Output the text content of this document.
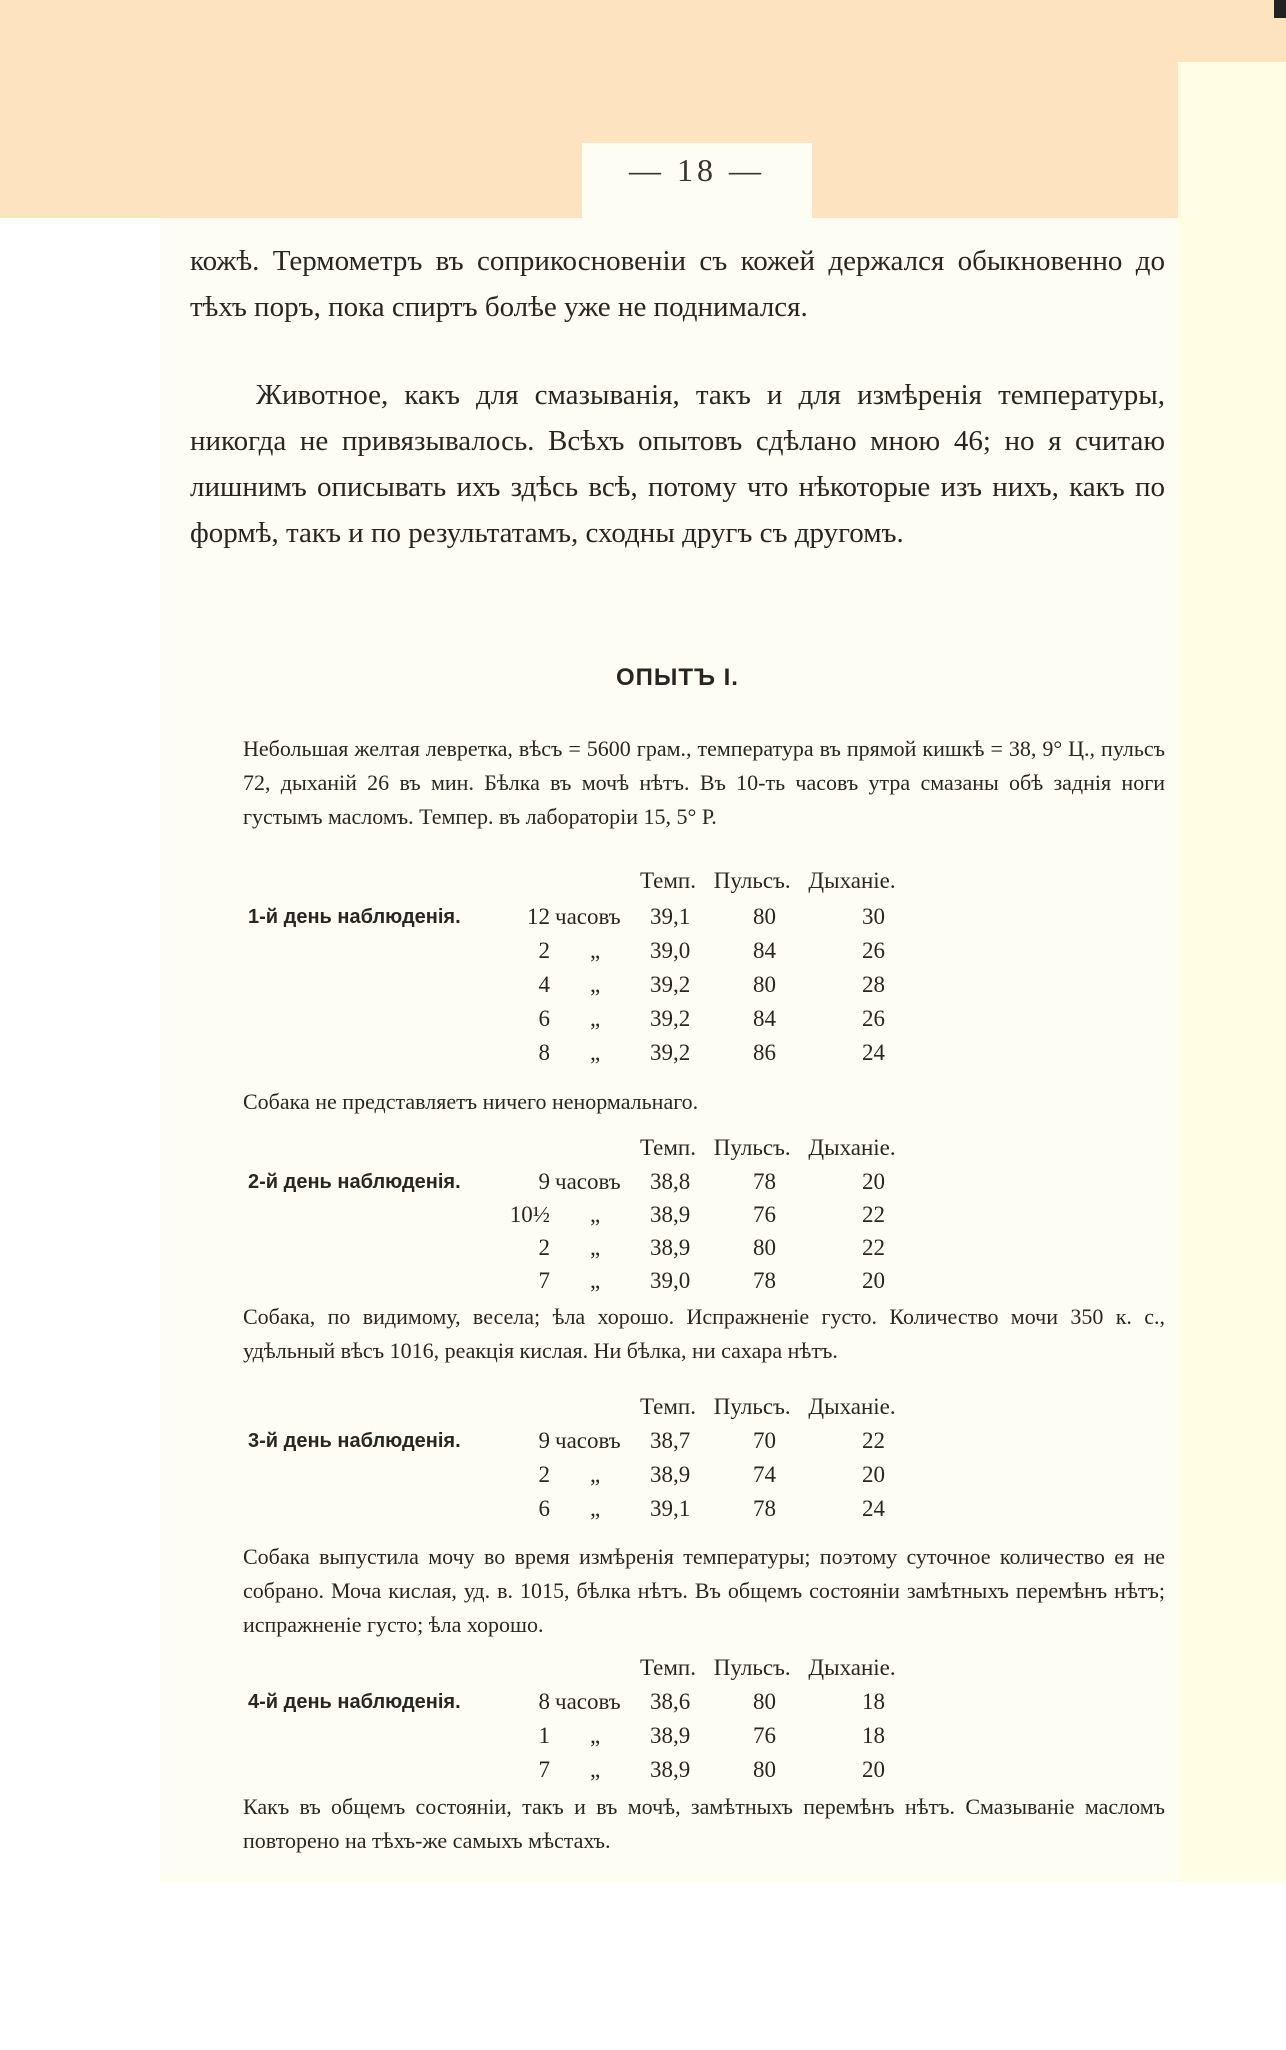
— 18 —
кожѣ. Термометръ въ соприкосновеніи съ кожей держался обыкновенно до тѣхъ поръ, пока спиртъ болѣе уже не поднимался.
Животное, какъ для смазыванія, такъ и для измѣренія температуры, никогда не привязывалось. Всѣхъ опытовъ сдѣлано мною 46; но я считаю лишнимъ описывать ихъ здѣсь всѣ, потому что нѣкоторые изъ нихъ, какъ по формѣ, такъ и по результатамъ, сходны другъ съ другомъ.
ОПЫТЪ I.
Небольшая желтая левретка, вѣсъ = 5600 грам., температура въ прямой кишкѣ = 38, 9° Ц., пульсъ 72, дыханій 26 въ мин. Бѣлка въ мочѣ нѣтъ. Въ 10-ть часовъ утра смазаны обѣ заднія ноги густымъ масломъ. Темпер. въ лабораторіи 15, 5° Р.
Темп. Пульсъ. Дыханіе.
1-й день наблюденія.	12 часовъ 39,1	80	30
2 „ 39,0	84	26
4 „ 39,2	80	28
6 „ 39,2	84	26
8 „ 39,2	86	24
Собака не представляетъ ничего ненормальнаго.
Темп. Пульсъ. Дыханіе.
2-й день наблюденія.	9 часовъ 38,8	78	20
10½ „ 38,9	76	22
2 „ 38,9	80	22
7 „ 39,0	78	20
Собака, по видимому, весела; ѣла хорошо. Испражненіе густо. Количество мочи 350 к. с., удѣльный вѣсъ 1016, реакція кислая. Ни бѣлка, ни сахара нѣтъ.
Темп. Пульсъ. Дыханіе.
3-й день наблюденія.	9 часовъ 38,7	70	22
2 „ 38,9	74	20
6 „ 39,1	78	24
Собака выпустила мочу во время измѣренія температуры; поэтому суточное количество ея не собрано. Моча кислая, уд. в. 1015, бѣлка нѣтъ. Въ общемъ состояніи замѣтныхъ перемѣнъ нѣтъ; испражненіе густо; ѣла хорошо.
Темп. Пульсъ. Дыханіе.
4-й день наблюденія.	8 часовъ 38,6	80	18
1 „ 38,9	76	18
7 „ 38,9	80	20
Какъ въ общемъ состояніи, такъ и въ мочѣ, замѣтныхъ перемѣнъ нѣтъ. Смазываніе масломъ повторено на тѣхъ-же самыхъ мѣстахъ.
